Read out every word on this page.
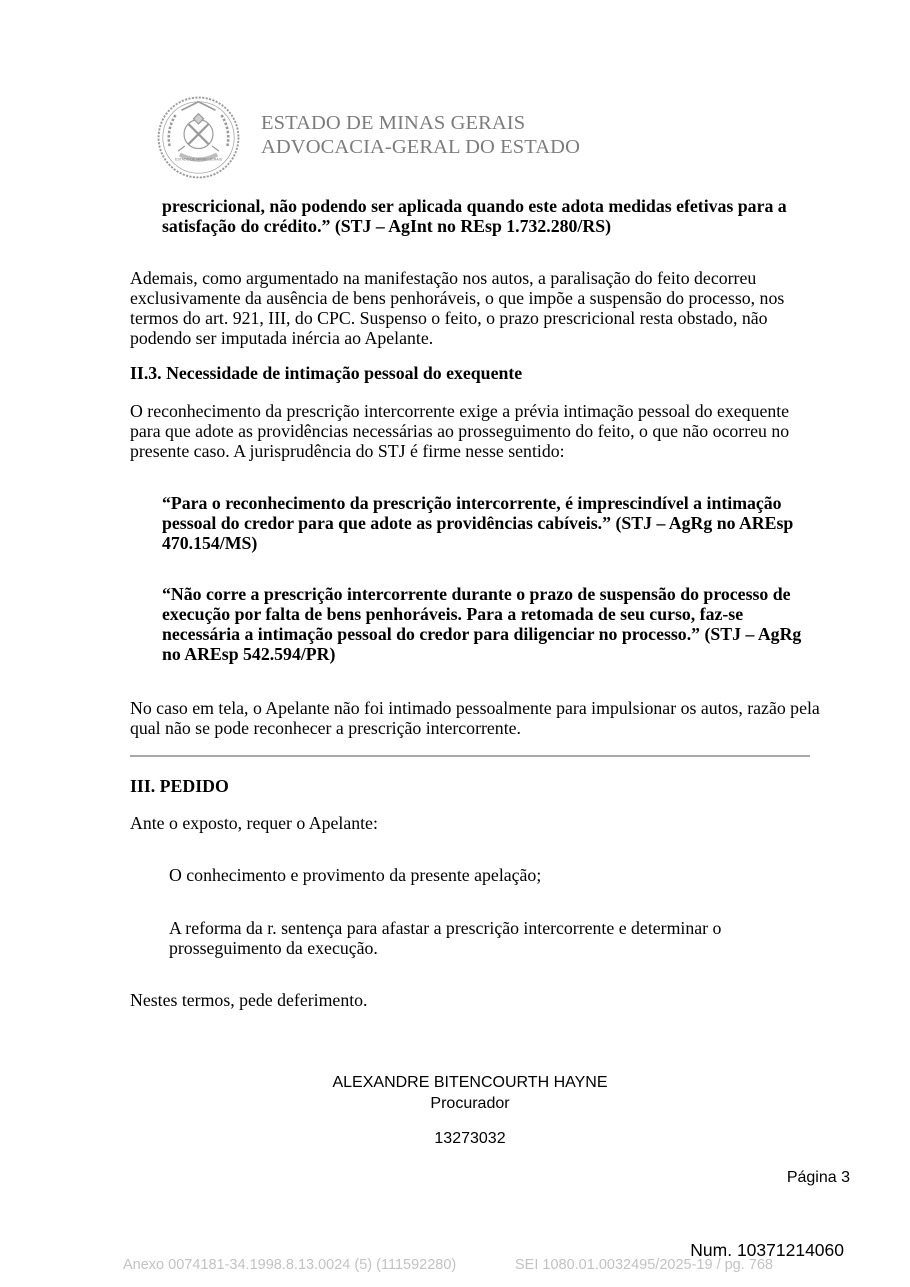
ESTADO DE MINAS GERAIS
ESTADO DE MINAS GERAIS
ADVOCACIA-GERAL DO ESTADO
prescricional, não podendo ser aplicada quando este adota medidas efetivas para a satisfação do crédito.” (STJ – AgInt no REsp 1.732.280/RS)
Ademais, como argumentado na manifestação nos autos, a paralisação do feito decorreu exclusivamente da ausência de bens penhoráveis, o que impõe a suspensão do processo, nos termos do art. 921, III, do CPC. Suspenso o feito, o prazo prescricional resta obstado, não podendo ser imputada inércia ao Apelante.
II.3. Necessidade de intimação pessoal do exequente
O reconhecimento da prescrição intercorrente exige a prévia intimação pessoal do exequente para que adote as providências necessárias ao prosseguimento do feito, o que não ocorreu no presente caso. A jurisprudência do STJ é firme nesse sentido:
“Para o reconhecimento da prescrição intercorrente, é imprescindível a intimação pessoal do credor para que adote as providências cabíveis.” (STJ – AgRg no AREsp 470.154/MS)
“Não corre a prescrição intercorrente durante o prazo de suspensão do processo de execução por falta de bens penhoráveis. Para a retomada de seu curso, faz-se necessária a intimação pessoal do credor para diligenciar no processo.” (STJ – AgRg no AREsp 542.594/PR)
No caso em tela, o Apelante não foi intimado pessoalmente para impulsionar os autos, razão pela qual não se pode reconhecer a prescrição intercorrente.
III. PEDIDO
Ante o exposto, requer o Apelante:
O conhecimento e provimento da presente apelação;
A reforma da r. sentença para afastar a prescrição intercorrente e determinar o prosseguimento da execução.
Nestes termos, pede deferimento.
ALEXANDRE BITENCOURTH HAYNE
Procurador
13273032
Página 3
Num. 10371214060
Anexo 0074181-34.1998.8.13.0024 (5) (111592280)	SEI 1080.01.0032495/2025-19 / pg. 768
